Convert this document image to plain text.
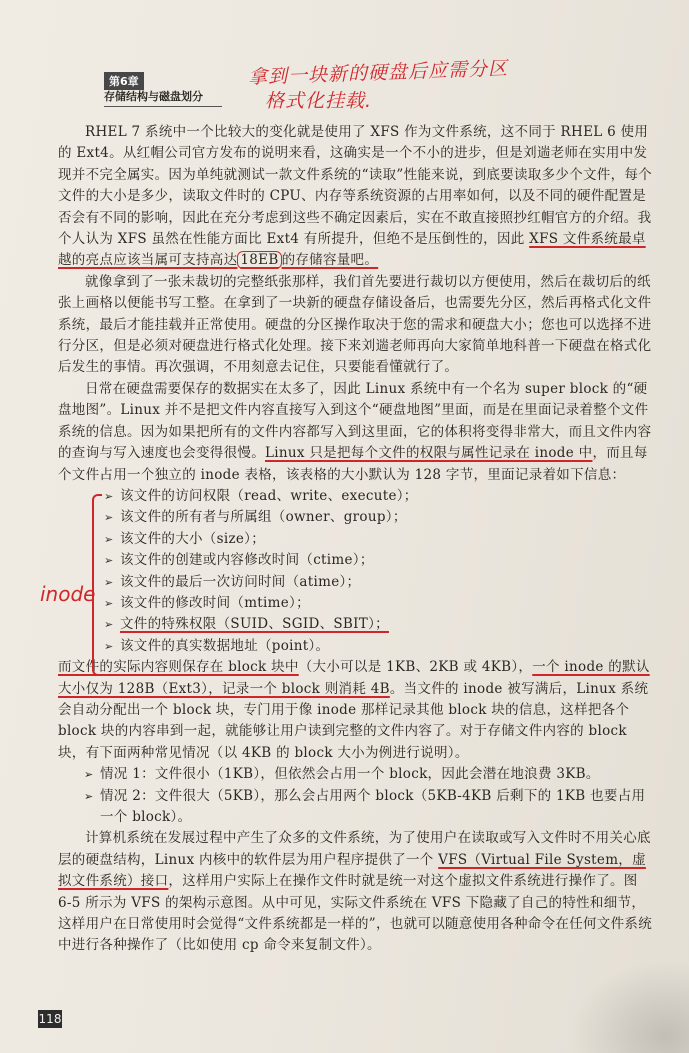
第6章
存储结构与磁盘划分
拿到一块新的硬盘后应需分区
格式化挂载.

RHEL 7 系统中一个比较大的变化就是使用了 XFS 作为文件系统，这不同于 RHEL 6 使用的 Ext4。从红帽公司官方发布的说明来看，这确实是一个不小的进步，但是刘遄老师在实用中发现并不完全属实。因为单纯就测试一款文件系统的“读取”性能来说，到底要读取多少个文件，每个文件的大小是多少，读取文件时的 CPU、内存等系统资源的占用率如何，以及不同的硬件配置是否会有不同的影响，因此在充分考虑到这些不确定因素后，实在不敢直接照抄红帽官方的介绍。我个人认为 XFS 虽然在性能方面比 Ext4 有所提升，但绝不是压倒性的，因此 XFS 文件系统最卓越的亮点应该当属可支持高达 18EB 的存储容量吧。

就像拿到了一张未裁切的完整纸张那样，我们首先要进行裁切以方便使用，然后在裁切后的纸张上画格以便能书写工整。在拿到了一块新的硬盘存储设备后，也需要先分区，然后再格式化文件系统，最后才能挂载并正常使用。硬盘的分区操作取决于您的需求和硬盘大小；您也可以选择不进行分区，但是必须对硬盘进行格式化处理。接下来刘遄老师再向大家简单地科普一下硬盘在格式化后发生的事情。再次强调，不用刻意去记住，只要能看懂就行了。

日常在硬盘需要保存的数据实在太多了，因此 Linux 系统中有一个名为 super block 的“硬盘地图”。Linux 并不是把文件内容直接写入到这个“硬盘地图”里面，而是在里面记录着整个文件系统的信息。因为如果把所有的文件内容都写入到这里面，它的体积将变得非常大，而且文件内容的查询与写入速度也会变得很慢。Linux 只是把每个文件的权限与属性记录在 inode 中，而且每个文件占用一个独立的 inode 表格，该表格的大小默认为 128 字节，里面记录着如下信息：

➢ 该文件的访问权限（read、write、execute）；
➢ 该文件的所有者与所属组（owner、group）；
➢ 该文件的大小（size）；
➢ 该文件的创建或内容修改时间（ctime）；
➢ 该文件的最后一次访问时间（atime）；
➢ 该文件的修改时间（mtime）；
➢ 文件的特殊权限（SUID、SGID、SBIT）；
➢ 该文件的真实数据地址（point）。

而文件的实际内容则保存在 block 块中（大小可以是 1KB、2KB 或 4KB），一个 inode 的默认大小仅为 128B（Ext3），记录一个 block 则消耗 4B。当文件的 inode 被写满后，Linux 系统会自动分配出一个 block 块，专门用于像 inode 那样记录其他 block 块的信息，这样把各个 block 块的内容串到一起，就能够让用户读到完整的文件内容了。对于存储文件内容的 block 块，有下面两种常见情况（以 4KB 的 block 大小为例进行说明）。

➢ 情况 1：文件很小（1KB），但依然会占用一个 block，因此会潜在地浪费 3KB。
➢ 情况 2：文件很大（5KB），那么会占用两个 block（5KB-4KB 后剩下的 1KB 也要占用一个 block）。

计算机系统在发展过程中产生了众多的文件系统，为了使用户在读取或写入文件时不用关心底层的硬盘结构，Linux 内核中的软件层为用户程序提供了一个 VFS（Virtual File System，虚拟文件系统）接口，这样用户实际上在操作文件时就是统一对这个虚拟文件系统进行操作了。图 6-5 所示为 VFS 的架构示意图。从中可见，实际文件系统在 VFS 下隐藏了自己的特性和细节，这样用户在日常使用时会觉得“文件系统都是一样的”，也就可以随意使用各种命令在任何文件系统中进行各种操作了（比如使用 cp 命令来复制文件）。

inode
118
